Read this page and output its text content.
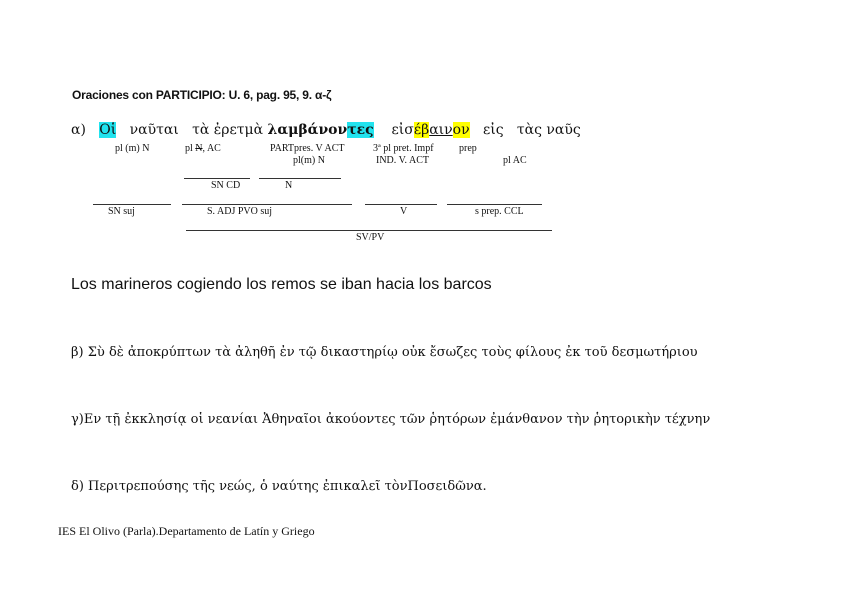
Oraciones con PARTICIPIO: U. 6, pag. 95, 9. α-ζ
α) Οἱ ναῦται τὰ ἐρετμὰ λαμβάνοντες εἰσέβαινον εἰς τὰς ναῦς
pl (m) N	pl N, AC	PARTpres. V ACT	3ª pl pret. Impf	prep
pl(m) N	IND. V. ACT	pl AC
SN CD	N
SN suj	S. ADJ PVO suj	V	s prep. CCL
SV/PV
Los marineros cogiendo los remos se iban hacia los barcos
β) Σὺ δὲ ἀποκρύπτων τὰ ἀληθῆ ἐν τῷ δικαστηρίῳ οὐκ ἔσωζες τοὺς φίλους ἐκ τοῦ δεσμωτήριου
γ)Εν τῇ ἐκκλησίᾳ οἱ νεανίαι Ἀθηναῖοι ἀκούοντες τῶν ῥητόρων ἐμάνθανον τὴν ῥητορικὴν τέχνην
δ) Περιτρεπούσης τῆς νεώς, ὁ ναύτης ἐπικαλεῖ τὸνΠοσειδῶνα.
IES El Olivo (Parla).Departamento de Latín y Griego
